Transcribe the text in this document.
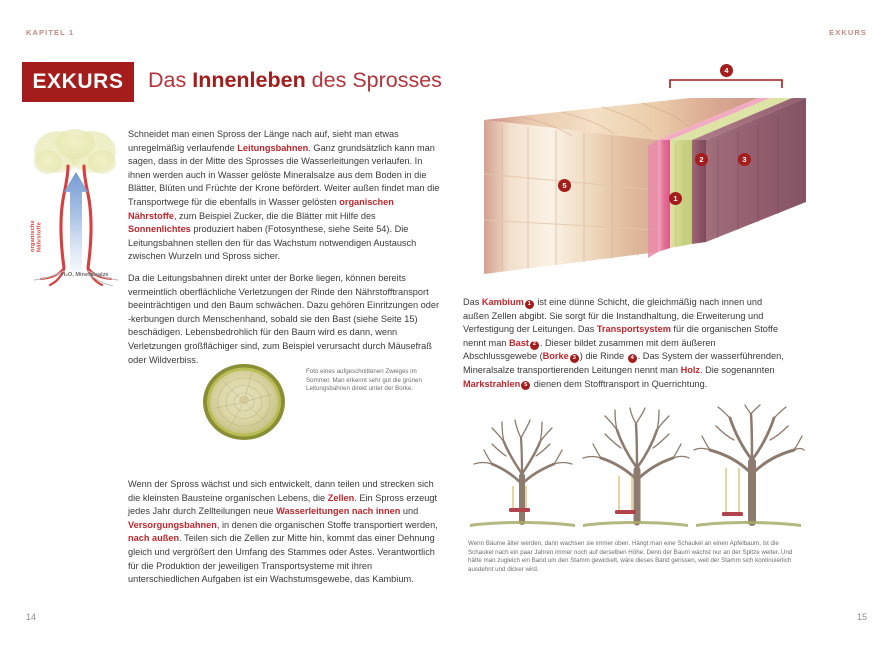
KAPITEL 1	EXKURS
14	15
EXKURS Das Innenleben des Sprosses
organische Nährstoffe
H₂O, Mineralsalze

Schneidet man einen Spross der Länge nach auf, sieht man etwas unregelmäßig verlaufende Leitungsbahnen. Ganz grundsätzlich kann man sagen, dass in der Mitte des Sprosses die Wasserleitungen verlaufen. In ihnen werden auch in Wasser gelöste Mineralsalze aus dem Boden in die Blätter, Blüten und Früchte der Krone befördert. Weiter außen findet man die Transportwege für die ebenfalls in Wasser gelösten organischen Nährstoffe, zum Beispiel Zucker, die die Blätter mit Hilfe des Sonnenlichtes produziert haben (Fotosynthese, siehe Seite 54). Die Leitungsbahnen stellen den für das Wachstum notwendigen Austausch zwischen Wurzeln und Spross sicher.

Da die Leitungsbahnen direkt unter der Borke liegen, können bereits vermeintlich oberflächliche Verletzungen der Rinde den Nährstofftransport beeinträchtigen und den Baum schwächen. Dazu gehören Einritzungen oder -kerbungen durch Menschenhand, sobald sie den Bast (siehe Seite 15) beschädigen. Lebensbedrohlich für den Baum wird es dann, wenn Verletzungen großflächiger sind, zum Beispiel verursacht durch Mäusefraß oder Wildverbiss.

Foto eines aufgeschnittenen Zweiges im Sommer. Man erkennt sehr gut die grünen Leitungsbahnen direkt unter der Borke.

Wenn der Spross wächst und sich entwickelt, dann teilen und strecken sich die kleinsten Bausteine organischen Lebens, die Zellen. Ein Spross erzeugt jedes Jahr durch Zellteilungen neue Wasserleitungen nach innen und Versorgungsbahnen, in denen die organischen Stoffe transportiert werden, nach außen. Teilen sich die Zellen zur Mitte hin, kommt das einer Dehnung gleich und vergrößert den Umfang des Stammes oder Astes. Verantwortlich für die Produktion der jeweiligen Transportsysteme mit ihren unterschiedlichen Aufgaben ist ein Wachstumsgewebe, das Kambium.

4
2	3
1
5

Das Kambium 1 ist eine dünne Schicht, die gleichmäßig nach innen und außen Zellen abgibt. Sie sorgt für die Instandhaltung, die Erweiterung und Verfestigung der Leitungen. Das Transportsystem für die organischen Stoffe nennt man Bast 2 . Dieser bildet zusammen mit dem äußeren Abschlussgewebe (Borke 3 ) die Rinde 4 . Das System der wasserführenden, Mineralsalze transportierenden Leitungen nennt man Holz. Die sogenannten Markstrahlen 5 dienen dem Stofftransport in Querrichtung.

Wenn Bäume älter werden, dann wachsen sie immer oben. Hängt man eine Schaukel an einen Apfelbaum, ist die Schaukel nach ein paar Jahren immer noch auf derselben Höhe. Denn der Baum wächst nur an der Spitze weiter. Und hätte man zugleich ein Band um den Stamm gewickelt, wäre dieses Band gerissen, weil der Stamm sich kontinuierlich ausdehnt und dicker wird.
